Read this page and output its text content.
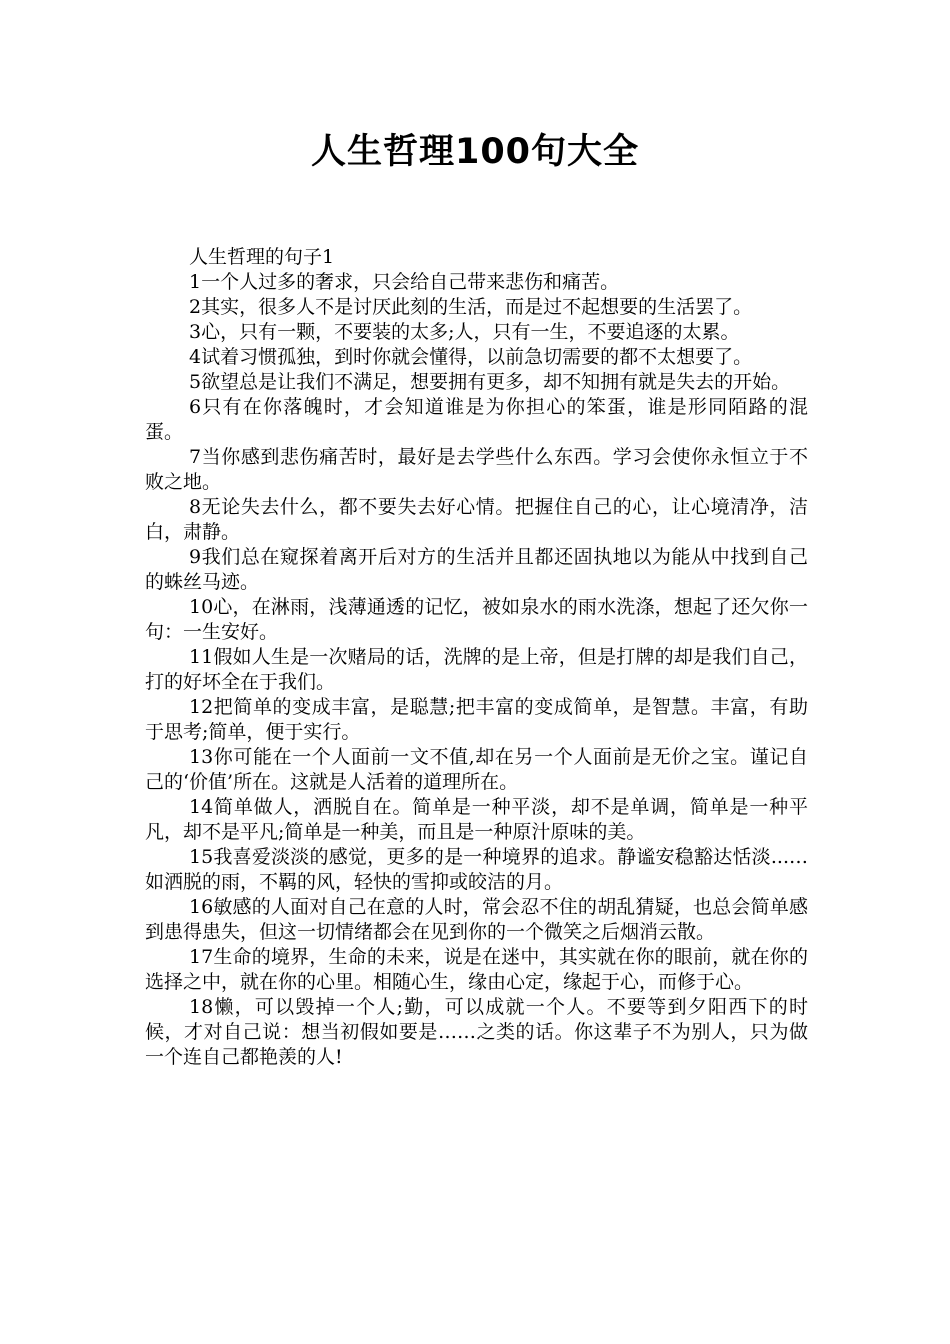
人生哲理100句大全

人生哲理的句子1

1一个人过多的奢求，只会给自己带来悲伤和痛苦。

2其实，很多人不是讨厌此刻的生活，而是过不起想要的生活罢了。

3心，只有一颗，不要装的太多;人，只有一生，不要追逐的太累。

4试着习惯孤独，到时你就会懂得，以前急切需要的都不太想要了。

5欲望总是让我们不满足，想要拥有更多，却不知拥有就是失去的开始。

6只有在你落魄时，才会知道谁是为你担心的笨蛋，谁是形同陌路的混蛋。

7当你感到悲伤痛苦时，最好是去学些什么东西。学习会使你永恒立于不败之地。

8无论失去什么，都不要失去好心情。把握住自己的心，让心境清净，洁白，肃静。

9我们总在窥探着离开后对方的生活并且都还固执地以为能从中找到自己的蛛丝马迹。

10心，在淋雨，浅薄通透的记忆，被如泉水的雨水洗涤，想起了还欠你一句：一生安好。

11假如人生是一次赌局的话，洗牌的是上帝，但是打牌的却是我们自己，打的好坏全在于我们。

12把简单的变成丰富，是聪慧;把丰富的变成简单，是智慧。丰富，有助于思考;简单，便于实行。

13你可能在一个人面前一文不值,却在另一个人面前是无价之宝。谨记自己的‘价值’所在。这就是人活着的道理所在。

14简单做人，洒脱自在。简单是一种平淡，却不是单调，简单是一种平凡，却不是平凡;简单是一种美，而且是一种原汁原味的美。

15我喜爱淡淡的感觉，更多的是一种境界的追求。静谧安稳豁达恬淡...…如洒脱的雨，不羁的风，轻快的雪抑或皎洁的月。

16敏感的人面对自己在意的人时，常会忍不住的胡乱猜疑，也总会简单感到患得患失，但这一切情绪都会在见到你的一个微笑之后烟消云散。

17生命的境界，生命的未来，说是在迷中，其实就在你的眼前，就在你的选择之中，就在你的心里。相随心生，缘由心定，缘起于心，而修于心。

18懒，可以毁掉一个人;勤，可以成就一个人。不要等到夕阳西下的时候，才对自己说：想当初假如要是……之类的话。你这辈子不为别人，只为做一个连自己都艳羡的人!
